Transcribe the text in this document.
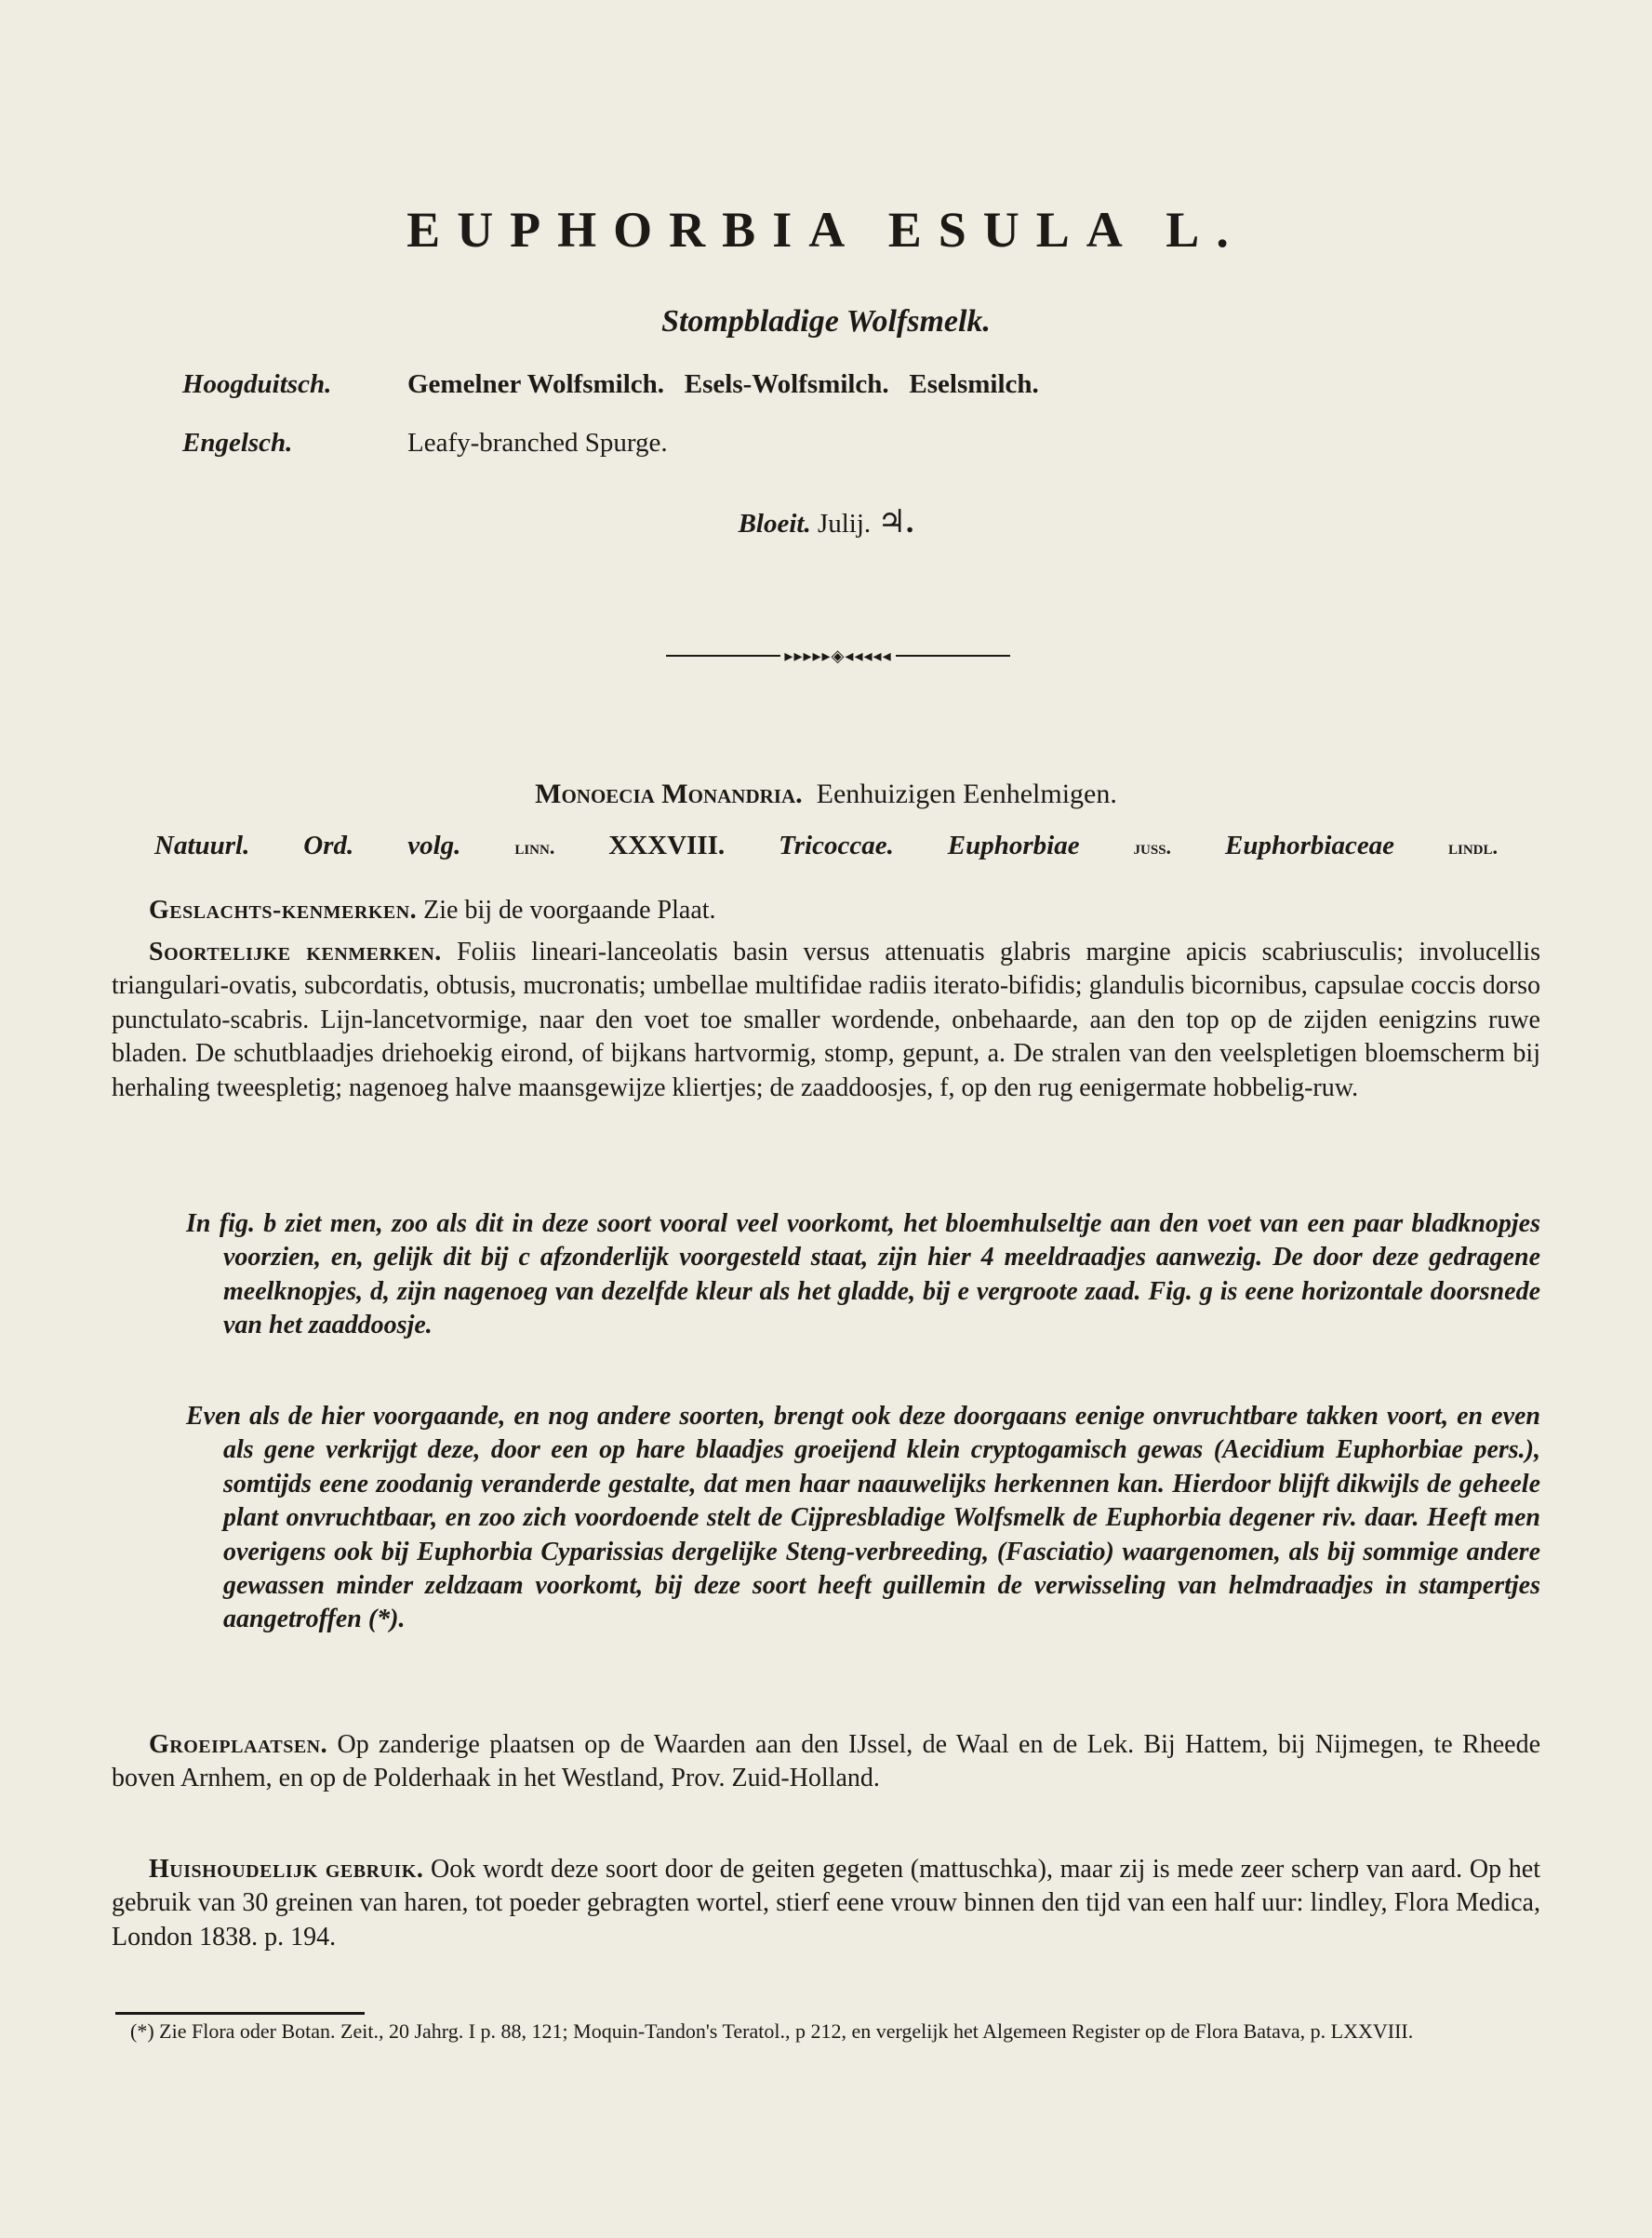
EUPHORBIA ESULA L.
Stompbladige Wolfsmelk.
Hoogduitsch.	Gemelner Wolfsmilch.   Esels-Wolfsmilch.   Eselsmilch.
Engelsch.	Leafy-branched Spurge.
Bloeit. Julij. ♃.
▸▸▸▸▸◈◂◂◂◂◂
Monoecia Monandria. Eenhuizigen Eenhelmigen.
Natuurl. Ord. volg.	linn. XXXVIII. Tricoccae. Euphorbiae	juss. Euphorbiaceae	lindl.

Geslachts-kenmerken. Zie bij de voorgaande Plaat.

Soortelijke kenmerken. Foliis lineari-lanceolatis basin versus attenuatis glabris margine apicis scabriusculis; involucellis triangulari-ovatis, subcordatis, obtusis, mucronatis; umbellae multifidae radiis iterato-bifidis; glandulis bicornibus, capsulae coccis dorso punctulato-scabris. Lijn-lancetvormige, naar den voet toe smaller wordende, onbehaarde, aan den top op de zijden eenigzins ruwe bladen. De schutblaadjes driehoekig eirond, of bijkans hartvormig, stomp, gepunt, a. De stralen van den veelspletigen bloemscherm bij herhaling tweespletig; nagenoeg halve maansgewijze kliertjes; de zaaddoosjes, f, op den rug eenigermate hobbelig-ruw.

In fig. b ziet men, zoo als dit in deze soort vooral veel voorkomt, het bloemhulseltje aan den voet van een paar bladknopjes voorzien, en, gelijk dit bij c afzonderlijk voorgesteld staat, zijn hier 4 meeldraadjes aanwezig. De door deze gedragene meelknopjes, d, zijn nagenoeg van dezelfde kleur als het gladde, bij e vergroote zaad. Fig. g is eene horizontale doorsnede van het zaaddoosje.

Even als de hier voorgaande, en nog andere soorten, brengt ook deze doorgaans eenige onvruchtbare takken voort, en even als gene verkrijgt deze, door een op hare blaadjes groeijend klein cryptogamisch gewas (Aecidium Euphorbiae pers.), somtijds eene zoodanig veranderde gestalte, dat men haar naauwelijks herkennen kan. Hierdoor blijft dikwijls de geheele plant onvruchtbaar, en zoo zich voordoende stelt de Cijpresbladige Wolfsmelk de Euphorbia degener riv. daar. Heeft men overigens ook bij Euphorbia Cyparissias dergelijke Steng-verbreeding, (Fasciatio) waargenomen, als bij sommige andere gewassen minder zeldzaam voorkomt, bij deze soort heeft guillemin de verwisseling van helmdraadjes in stampertjes aangetroffen (*).

Groeiplaatsen. Op zanderige plaatsen op de Waarden aan den IJssel, de Waal en de Lek. Bij Hattem, bij Nijmegen, te Rheede boven Arnhem, en op de Polderhaak in het Westland, Prov. Zuid-Holland.

Huishoudelijk gebruik. Ook wordt deze soort door de geiten gegeten (mattuschka), maar zij is mede zeer scherp van aard. Op het gebruik van 30 greinen van haren, tot poeder gebragten wortel, stierf eene vrouw binnen den tijd van een half uur: lindley, Flora Medica, London 1838. p. 194.

(*) Zie Flora oder Botan. Zeit., 20 Jahrg. I p. 88, 121; Moquin-Tandon's Teratol., p 212, en vergelijk het Algemeen Register op de Flora Batava, p. LXXVIII.
